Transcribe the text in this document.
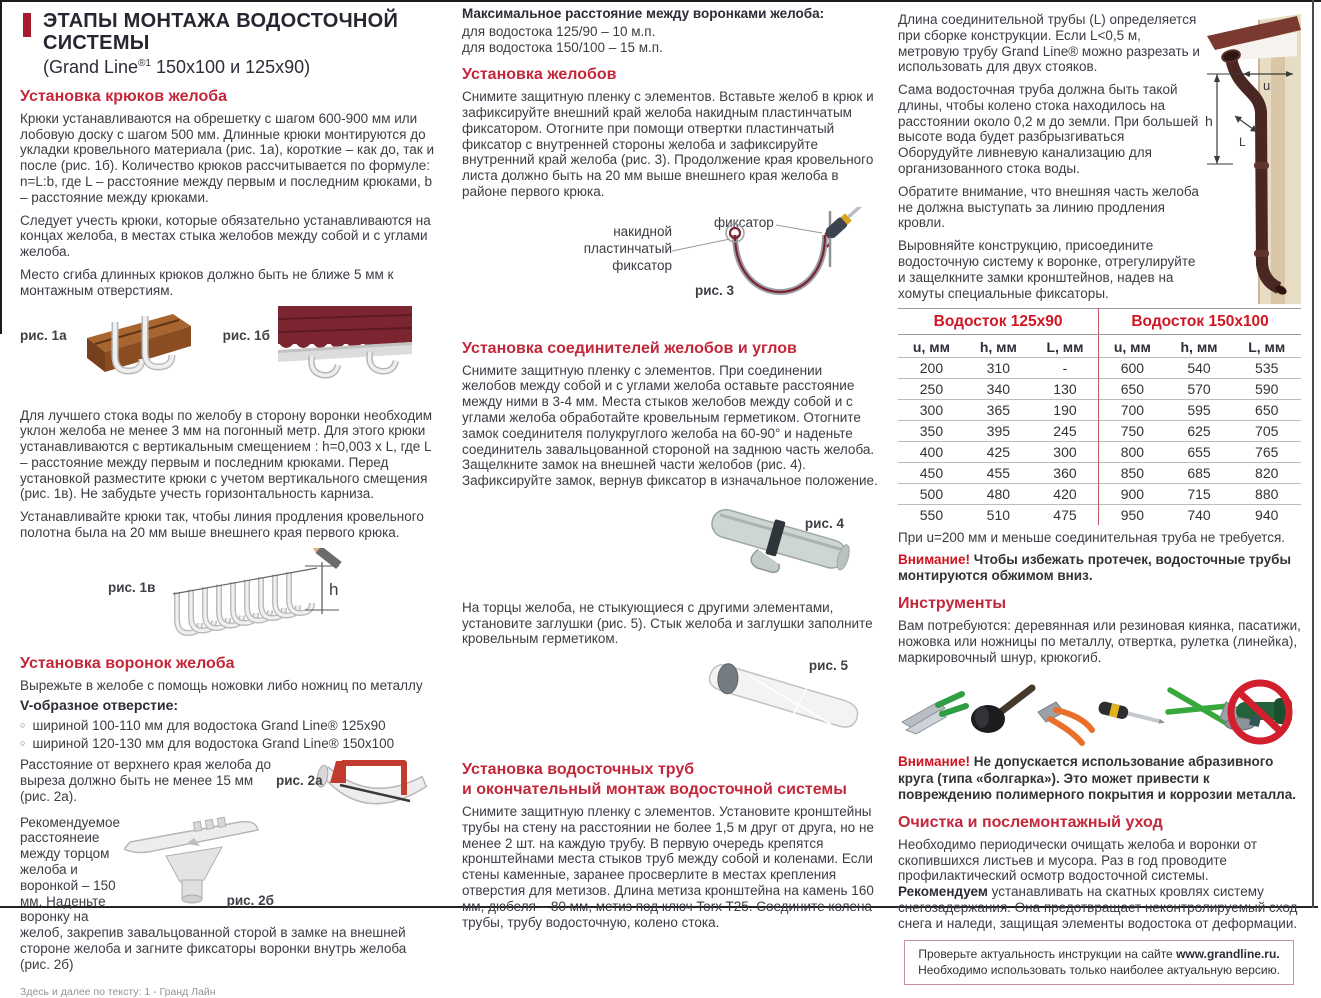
ЭТАПЫ МОНТАЖА ВОДОСТОЧНОЙ СИСТЕМЫ
(Grand Line$^{®1}$ 150x100 и 125x90)
Установка крюков желоба

Крюки устанавливаются на обрешетку с шагом 600-900 мм или лобовую доску с шагом 500 мм. Длинные крюки монтируются до укладки кровельного материала (рис. 1а), короткие – как до, так и после (рис. 1б). Количество крюков рассчитывается по формуле: n=L:b, где L – расстояние между первым и последним крюками, b – расстояние между крюками.

Следует учесть крюки, которые обязательно устанавливаются на концах желоба, в местах стыка желобов между собой и с углами желоба.

Место сгиба длинных крюков должно быть не ближе 5 мм к монтажным отверстиям.

рис. 1а	рис. 1б

Для лучшего стока воды по желобу в сторону воронки необходим уклон желоба не менее 3 мм на погонный метр. Для этого крюки устанавливаются с вертикальным смещением : h=0,003 x L, где L – расстояние между первым и последним крюками. Перед установкой разместите крюки с учетом вертикального смещения (рис. 1в). Не забудьте учесть горизонтальность карниза.

Устанавливайте крюки так, чтобы линия продления кровельного полотна была на 20 мм выше внешнего края первого крюка.

рис. 1в	h
Установка воронок желоба

Вырежьте в желобе с помощь ножовки либо ножниц по металлу

V-образное отверстие:

○ шириной 100-110 мм для водостока Grand Line® 125x90
○ шириной 120-130 мм для водостока Grand Line® 150x100
рис. 2а

Расстояние от верхнего края желоба до выреза должно быть не менее 15 мм (рис. 2а).

рис. 2б

Рекомендуемое расстоянеие между торцом желоба и воронкой – 150 мм. Наденьте воронку на желоб, закрепив завальцованной сторой в замке на внешней стороне желоба и загните фиксаторы воронки внутрь желоба (рис. 2б)

Здесь и далее по тексту: 1 - Гранд Лайн

Максимальное расстояние между воронками желоба:

для водостока 125/90 – 10 м.п.

для водостока 150/100 – 15 м.п.

Установка желобов

Снимите защитную пленку с элементов. Вставьте желоб в крюк и зафиксируйте внешний край желоба накидным пластинчатым фиксатором. Отогните при помощи отвертки пластинчатый фиксатор с внутренней стороны желоба и зафиксируйте внутренний край желоба (рис. 3). Продолжение края кровельного листа должно быть на 20 мм выше внешнего края желоба в районе первого крюка.

накидной пластинчатый фиксатор
фиксатор
рис. 3
Установка соединителей желобов и углов

Снимите защитную пленку с элементов. При соединении желобов между собой и с углами желоба оставьте расстояние между ними в 3-4 мм. Места стыков желобов между собой и с углами желоба обработайте кровельным герметиком. Отогните замок соединителя полукруглого желоба на 60-90° и наденьте соединитель завальцованной стороной на заднюю часть желоба. Защелкните замок на внешней части желобов (рис. 4). Зафиксируйте замок, вернув фиксатор в изначальное положение.

рис. 4

На торцы желоба, не стыкующиеся с другими элементами, установите заглушки (рис. 5). Стык желоба и заглушки заполните кровельным герметиком.

рис. 5
Установка водосточных труб
и окончательный монтаж водосточной системы

Снимите защитную пленку с элементов. Установите кронштейны трубы на стену на расстоянии не более 1,5 м друг от друга, но не менее 2 шт. на каждую трубу. В первую очередь крепятся кронштейнами места стыков труб между собой и коленами. Если стены каменные, заранее просверлите в местах крепления отверстия для метизов. Длина метиза кронштейна на камень 160 мм, дюбеля – 80 мм, метиз под ключ Torx T25. Соедините колена трубы, трубу водосточную, колено стока.

Длина соединительной трубы (L) определяется при сборке конструкции. Если L<0,5 м, метровую трубу Grand Line® можно разрезать и использовать для двух стояков.

Сама водосточная труба должна быть такой длины, чтобы колено стока находилось на расстоянии около 0,2 м до земли. При большей высоте вода будет разбрызгиваться Оборудуйте ливневую канализацию для организованного стока воды.

Обратите внимание, что внешняя часть желоба не должна выступать за линию продления кровли.

Выровняйте конструкцию, присоедините водосточную систему к воронке, отрегулируйте и защелкните замки кронштейнов, надев на хомуты специальные фиксаторы.

u
h
L
Водосток 125x90			Водосток 150x100		
u, мм	h, мм	L, мм	u, мм	h, мм	L, мм
200	310	-	600	540	535
250	340	130	650	570	590
300	365	190	700	595	650
350	395	245	750	625	705
400	425	300	800	655	765
450	455	360	850	685	820
500	480	420	900	715	880
550	510	475	950	740	940

При u=200 мм и меньше соединительная труба не требуется.

Внимание! Чтобы избежать протечек, водосточные трубы монтируются обжимом вниз.

Инструменты

Вам потребуются: деревянная или резиновая киянка, пасатижи, ножовка или ножницы по металлу, отвертка, рулетка (линейка), маркировочный шнур, крюкогиб.

Внимание! Не допускается использование абразивного круга (типа «болгарка»). Это может привести к повреждению полимерного покрытия и коррозии металла.

Очистка и послемонтажный уход

Необходимо периодически очищать желоба и воронки от скопившихся листьев и мусора. Раз в год проводите профилактический осмотр водосточной системы.

Рекомендуем устанавливать на скатных кровлях систему снегозадержания. Она предотвращает неконтролируемый сход снега и наледи, защищая элементы водостока от деформации.

Проверьте актуальность инструкции на сайте www.grandline.ru.
Необходимо использовать только наиболее актуальную версию.
